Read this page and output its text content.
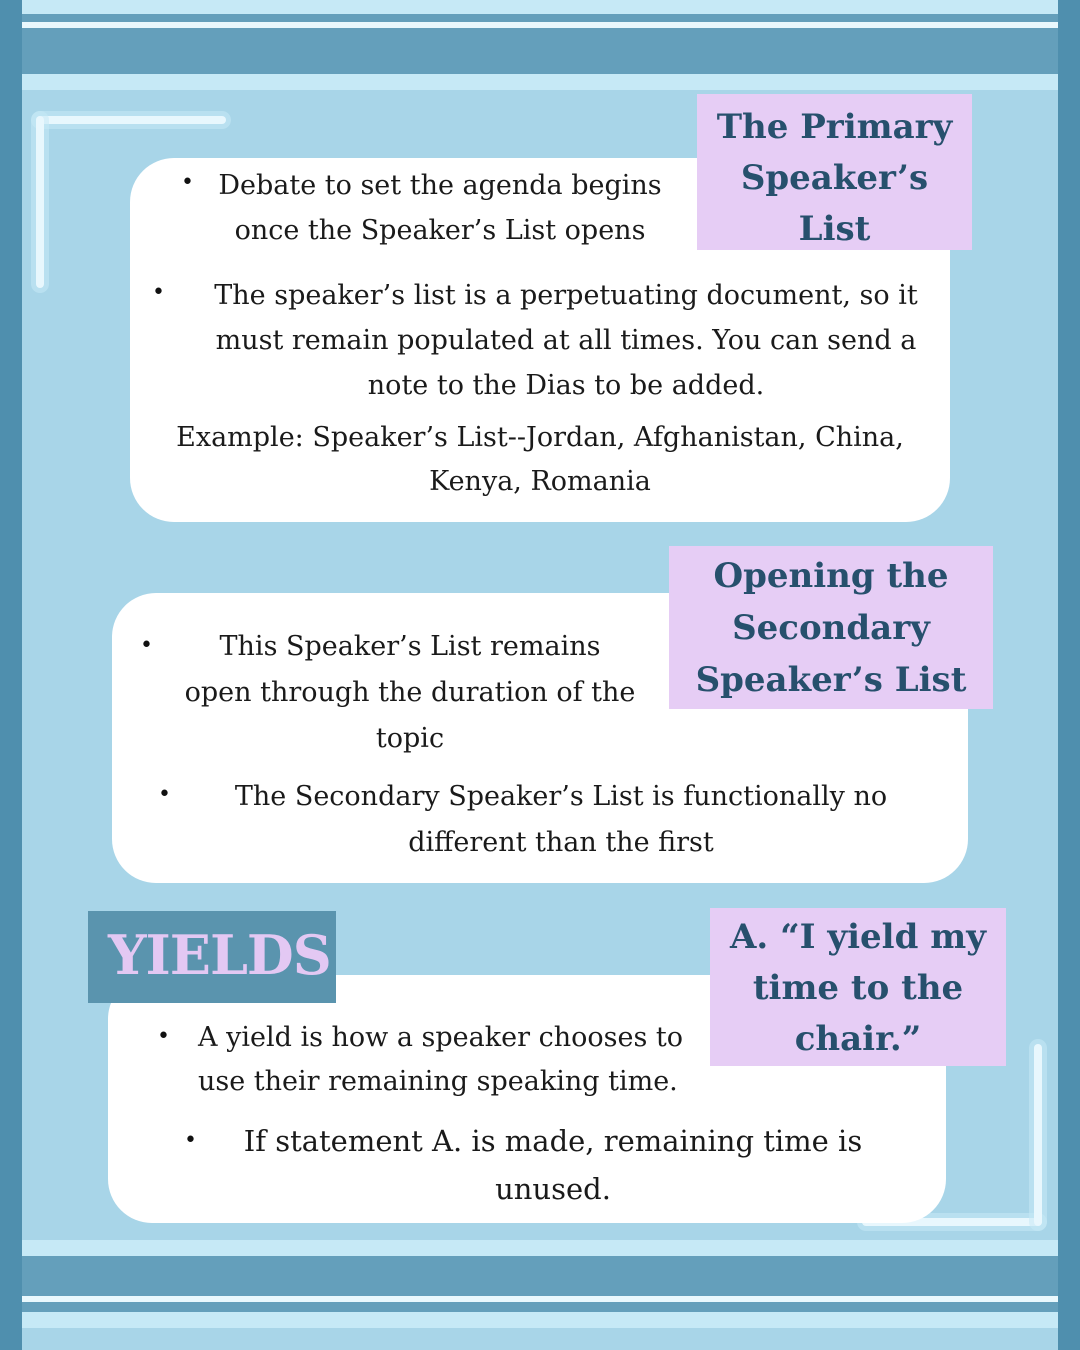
The Primary
Speaker’s
List
• Debate to set the agenda begins
once the Speaker’s List opens
•	The speaker’s list is a perpetuating document, so it
must remain populated at all times. You can send a
note to the Dias to be added.
Example: Speaker’s List--Jordan, Afghanistan, China,
Kenya, Romania
Opening the
Secondary
Speaker’s List
•	This Speaker’s List remains
open through the duration of the
topic
•	The Secondary Speaker’s List is functionally no
different than the first
YIELDS	A. “I yield my
time to the
chair.”
• A yield is how a speaker chooses to
use their remaining speaking time.
•	If statement A. is made, remaining time is
unused.
